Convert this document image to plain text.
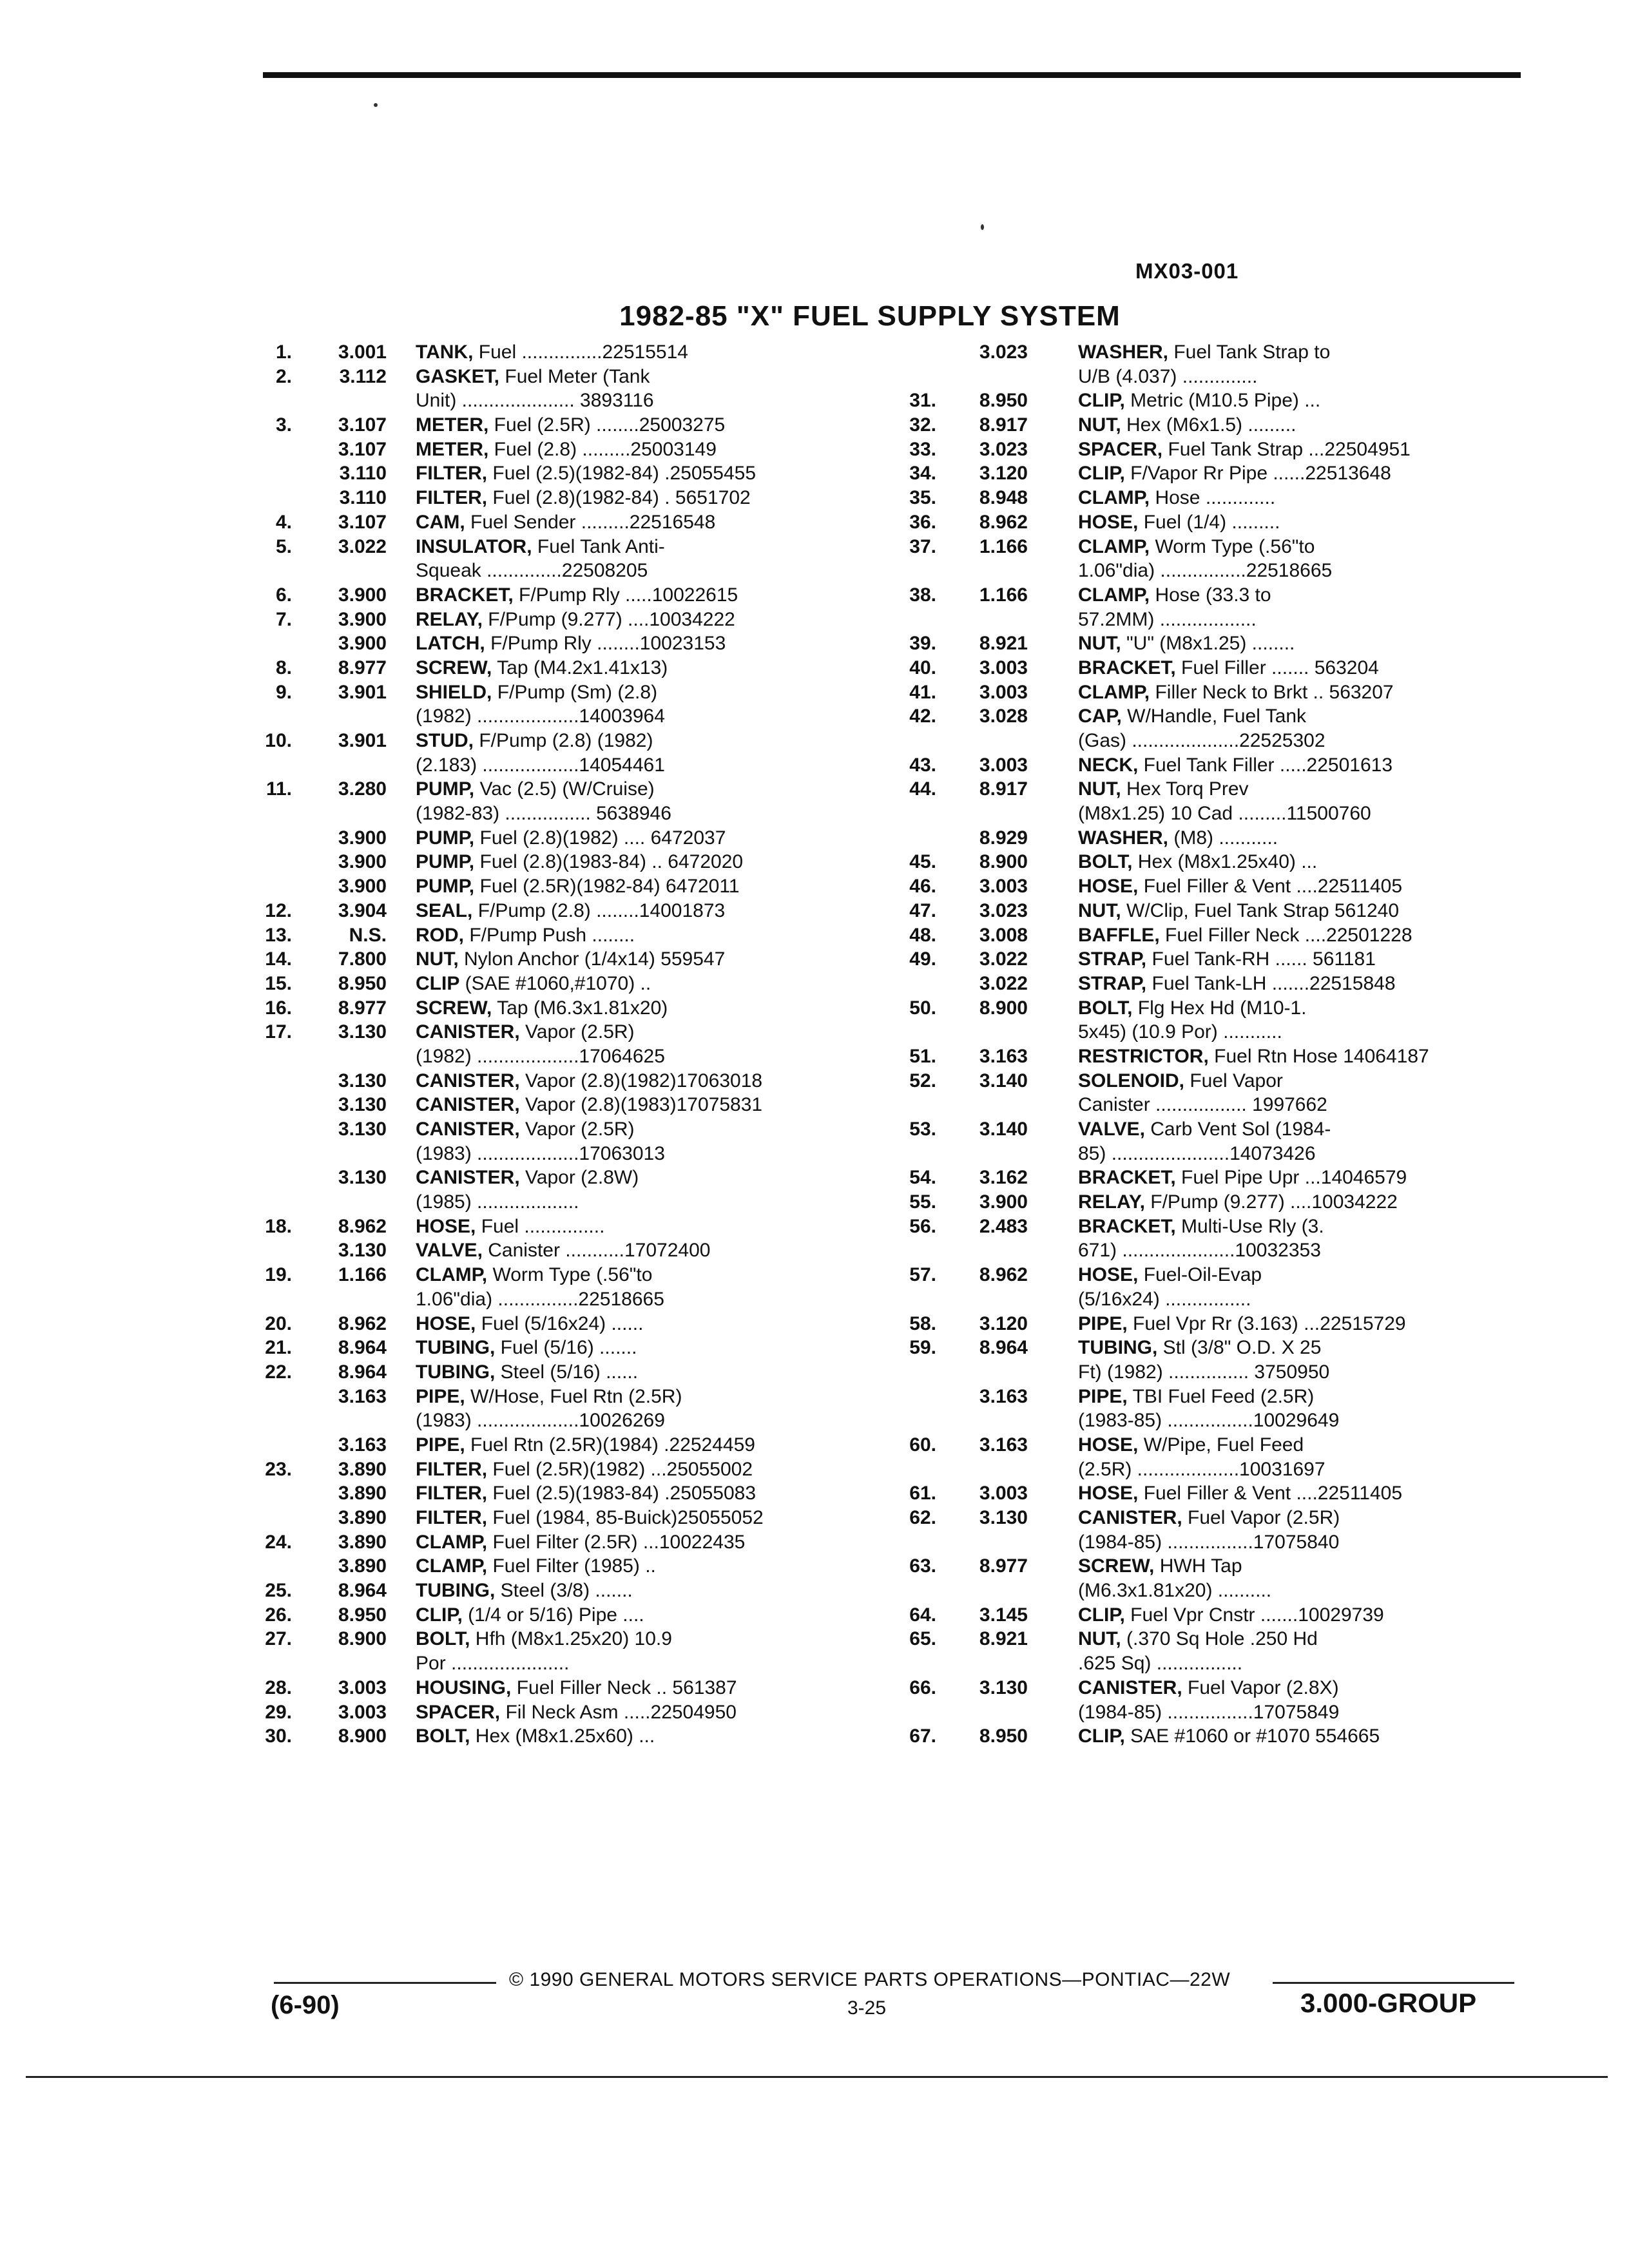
MX03-001
1982-85 "X" FUEL SUPPLY SYSTEM
1.	3.001 TANK, Fuel ...............22515514
2.	3.112 GASKET, Fuel Meter (Tank
Unit) ..................... 3893116
3.	3.107 METER, Fuel (2.5R) ........25003275
3.107 METER, Fuel (2.8) .........25003149
3.110 FILTER, Fuel (2.5)(1982-84) .25055455
3.110 FILTER, Fuel (2.8)(1982-84) . 5651702
4.	3.107 CAM, Fuel Sender .........22516548
5.	3.022 INSULATOR, Fuel Tank Anti-
Squeak ..............22508205
6.	3.900 BRACKET, F/Pump Rly .....10022615
7.	3.900 RELAY, F/Pump (9.277) ....10034222
3.900 LATCH, F/Pump Rly ........10023153
8.	8.977 SCREW, Tap (M4.2x1.41x13)
9.	3.901 SHIELD, F/Pump (Sm) (2.8)
(1982) ...................14003964
10.	3.901 STUD, F/Pump (2.8) (1982)
(2.183) ..................14054461
11.	3.280 PUMP, Vac (2.5) (W/Cruise)
(1982-83) ................ 5638946
3.900 PUMP, Fuel (2.8)(1982) .... 6472037
3.900 PUMP, Fuel (2.8)(1983-84) .. 6472020
3.900 PUMP, Fuel (2.5R)(1982-84) 6472011
12.	3.904 SEAL, F/Pump (2.8) ........14001873
13.	N.S. ROD, F/Pump Push ........
14.	7.800 NUT, Nylon Anchor (1/4x14) 559547
15.	8.950 CLIP (SAE #1060,#1070) ..
16.	8.977 SCREW, Tap (M6.3x1.81x20)
17.	3.130 CANISTER, Vapor (2.5R)
(1982) ...................17064625
3.130 CANISTER, Vapor (2.8)(1982)17063018
3.130 CANISTER, Vapor (2.8)(1983)17075831
3.130 CANISTER, Vapor (2.5R)
(1983) ...................17063013
3.130 CANISTER, Vapor (2.8W)
(1985) ...................
18.	8.962 HOSE, Fuel ...............
3.130 VALVE, Canister ...........17072400
19.	1.166 CLAMP, Worm Type (.56"to
1.06"dia) ...............22518665
20.	8.962 HOSE, Fuel (5/16x24) ......
21.	8.964 TUBING, Fuel (5/16) .......
22.	8.964 TUBING, Steel (5/16) ......
3.163 PIPE, W/Hose, Fuel Rtn (2.5R)
(1983) ...................10026269
3.163 PIPE, Fuel Rtn (2.5R)(1984) .22524459
23.	3.890 FILTER, Fuel (2.5R)(1982) ...25055002
3.890 FILTER, Fuel (2.5)(1983-84) .25055083
3.890 FILTER, Fuel (1984, 85-Buick)25055052
24.	3.890 CLAMP, Fuel Filter (2.5R) ...10022435
3.890 CLAMP, Fuel Filter (1985) ..
25.	8.964 TUBING, Steel (3/8) .......
26.	8.950 CLIP, (1/4 or 5/16) Pipe ....
27.	8.900 BOLT, Hfh (M8x1.25x20) 10.9
Por ......................
28.	3.003 HOUSING, Fuel Filler Neck .. 561387
29.	3.003 SPACER, Fil Neck Asm .....22504950
30.	8.900 BOLT, Hex (M8x1.25x60) ...
3.023	WASHER, Fuel Tank Strap to
U/B (4.037) ..............
31.	8.950	CLIP, Metric (M10.5 Pipe) ...
32.	8.917	NUT, Hex (M6x1.5) .........
33.	3.023	SPACER, Fuel Tank Strap ...22504951
34.	3.120	CLIP, F/Vapor Rr Pipe ......22513648
35.	8.948	CLAMP, Hose .............
36.	8.962	HOSE, Fuel (1/4) .........
37.	1.166	CLAMP, Worm Type (.56"to
1.06"dia) ................22518665
38.	1.166	CLAMP, Hose (33.3 to
57.2MM) ..................
39.	8.921	NUT, "U" (M8x1.25) ........
40.	3.003	BRACKET, Fuel Filler ....... 563204
41.	3.003	CLAMP, Filler Neck to Brkt .. 563207
42.	3.028	CAP, W/Handle, Fuel Tank
(Gas) ....................22525302
43.	3.003	NECK, Fuel Tank Filler .....22501613
44.	8.917	NUT, Hex Torq Prev
(M8x1.25) 10 Cad .........11500760
8.929	WASHER, (M8) ...........
45.	8.900	BOLT, Hex (M8x1.25x40) ...
46.	3.003	HOSE, Fuel Filler & Vent ....22511405
47.	3.023	NUT, W/Clip, Fuel Tank Strap 561240
48.	3.008	BAFFLE, Fuel Filler Neck ....22501228
49.	3.022	STRAP, Fuel Tank-RH ...... 561181
3.022	STRAP, Fuel Tank-LH .......22515848
50.	8.900	BOLT, Flg Hex Hd (M10-1.
5x45) (10.9 Por) ...........
51.	3.163	RESTRICTOR, Fuel Rtn Hose 14064187
52.	3.140	SOLENOID, Fuel Vapor
Canister ................. 1997662
53.	3.140	VALVE, Carb Vent Sol (1984-
85) ......................14073426
54.	3.162	BRACKET, Fuel Pipe Upr ...14046579
55.	3.900	RELAY, F/Pump (9.277) ....10034222
56.	2.483	BRACKET, Multi-Use Rly (3.
671) .....................10032353
57.	8.962	HOSE, Fuel-Oil-Evap
(5/16x24) ................
58.	3.120	PIPE, Fuel Vpr Rr (3.163) ...22515729
59.	8.964	TUBING, Stl (3/8" O.D. X 25
Ft) (1982) ............... 3750950
3.163	PIPE, TBI Fuel Feed (2.5R)
(1983-85) ................10029649
60.	3.163	HOSE, W/Pipe, Fuel Feed
(2.5R) ...................10031697
61.	3.003	HOSE, Fuel Filler & Vent ....22511405
62.	3.130	CANISTER, Fuel Vapor (2.5R)
(1984-85) ................17075840
63.	8.977	SCREW, HWH Tap
(M6.3x1.81x20) ..........
64.	3.145	CLIP, Fuel Vpr Cnstr .......10029739
65.	8.921	NUT, (.370 Sq Hole .250 Hd
.625 Sq) ................
66.	3.130	CANISTER, Fuel Vapor (2.8X)
(1984-85) ................17075849
67.	8.950	CLIP, SAE #1060 or #1070 554665
© 1990 GENERAL MOTORS SERVICE PARTS OPERATIONS—PONTIAC—22W
(6-90)	3-25	3.000-GROUP
